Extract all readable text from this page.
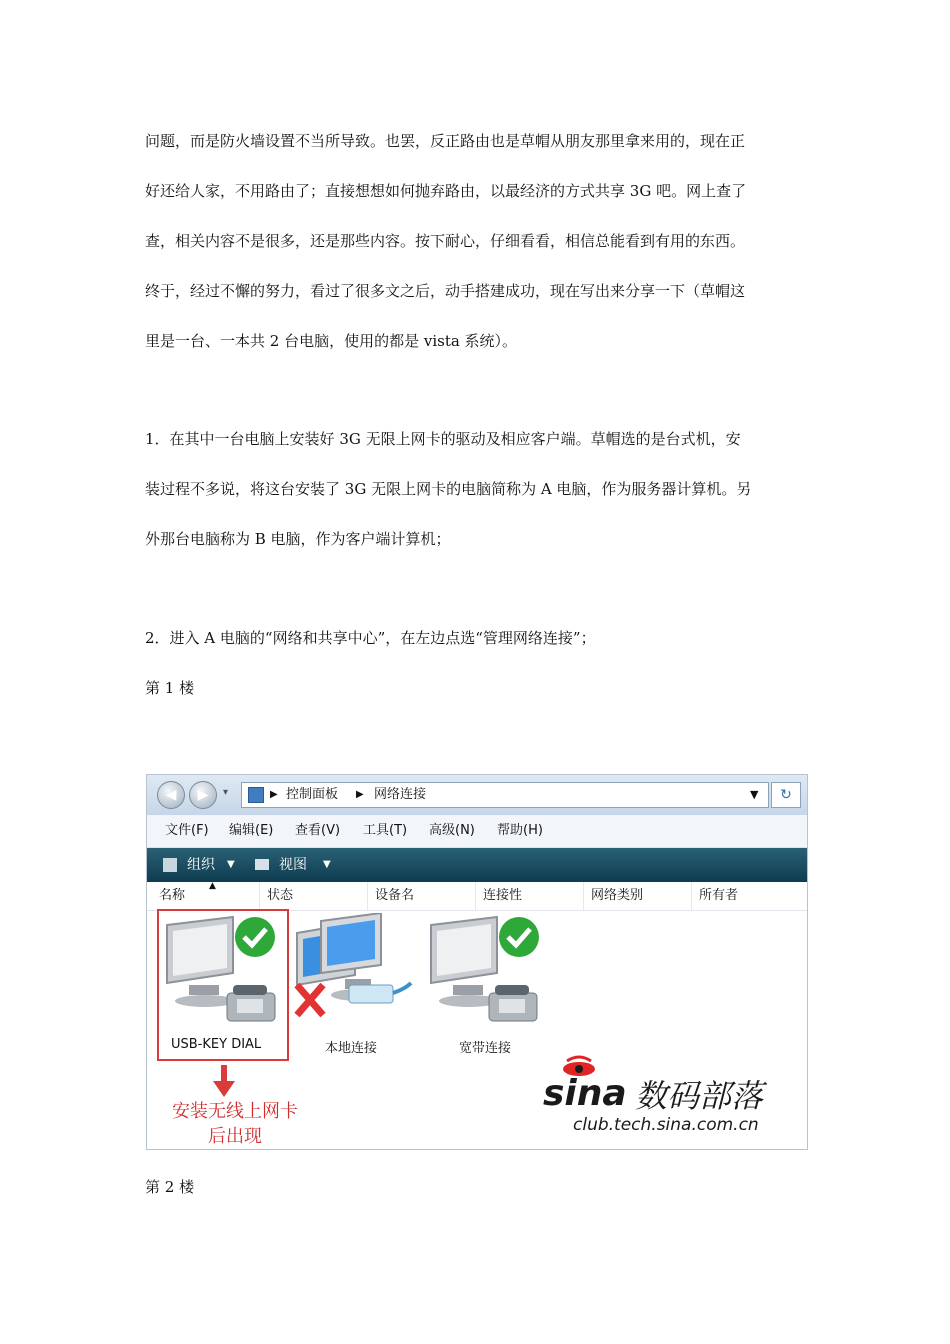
问题，而是防火墙设置不当所导致。也罢，反正路由也是草帽从朋友那里拿来用的，现在正
好还给人家，不用路由了；直接想想如何抛弃路由，以最经济的方式共享 3G 吧。网上查了
查，相关内容不是很多，还是那些内容。按下耐心，仔细看看，相信总能看到有用的东西。
终于，经过不懈的努力，看过了很多文之后，动手搭建成功，现在写出来分享一下（草帽这
里是一台、一本共 2 台电脑，使用的都是 vista 系统）。
1．在其中一台电脑上安装好 3G 无限上网卡的驱动及相应客户端。草帽选的是台式机，安
装过程不多说，将这台安装了 3G 无限上网卡的电脑简称为 A 电脑，作为服务器计算机。另
外那台电脑称为 B 电脑，作为客户端计算机；
2．进入 A 电脑的“网络和共享中心”，在左边点选“管理网络连接”；
第 1 楼
◀	▶	▾	▶ 控制面板 ▶ 网络连接	▼	↻
文件(F) 编辑(E) 查看(V) 工具(T) 高级(N) 帮助(H)
组织 ▼	视图 ▼
名称	状态	设备名	连接性	网络类别	所有者
▲
USB-KEY DIAL	本地连接	宽带连接
安装无线上网卡
后出现
sina 数码部落
club.tech.sina.com.cn
第 2 楼
